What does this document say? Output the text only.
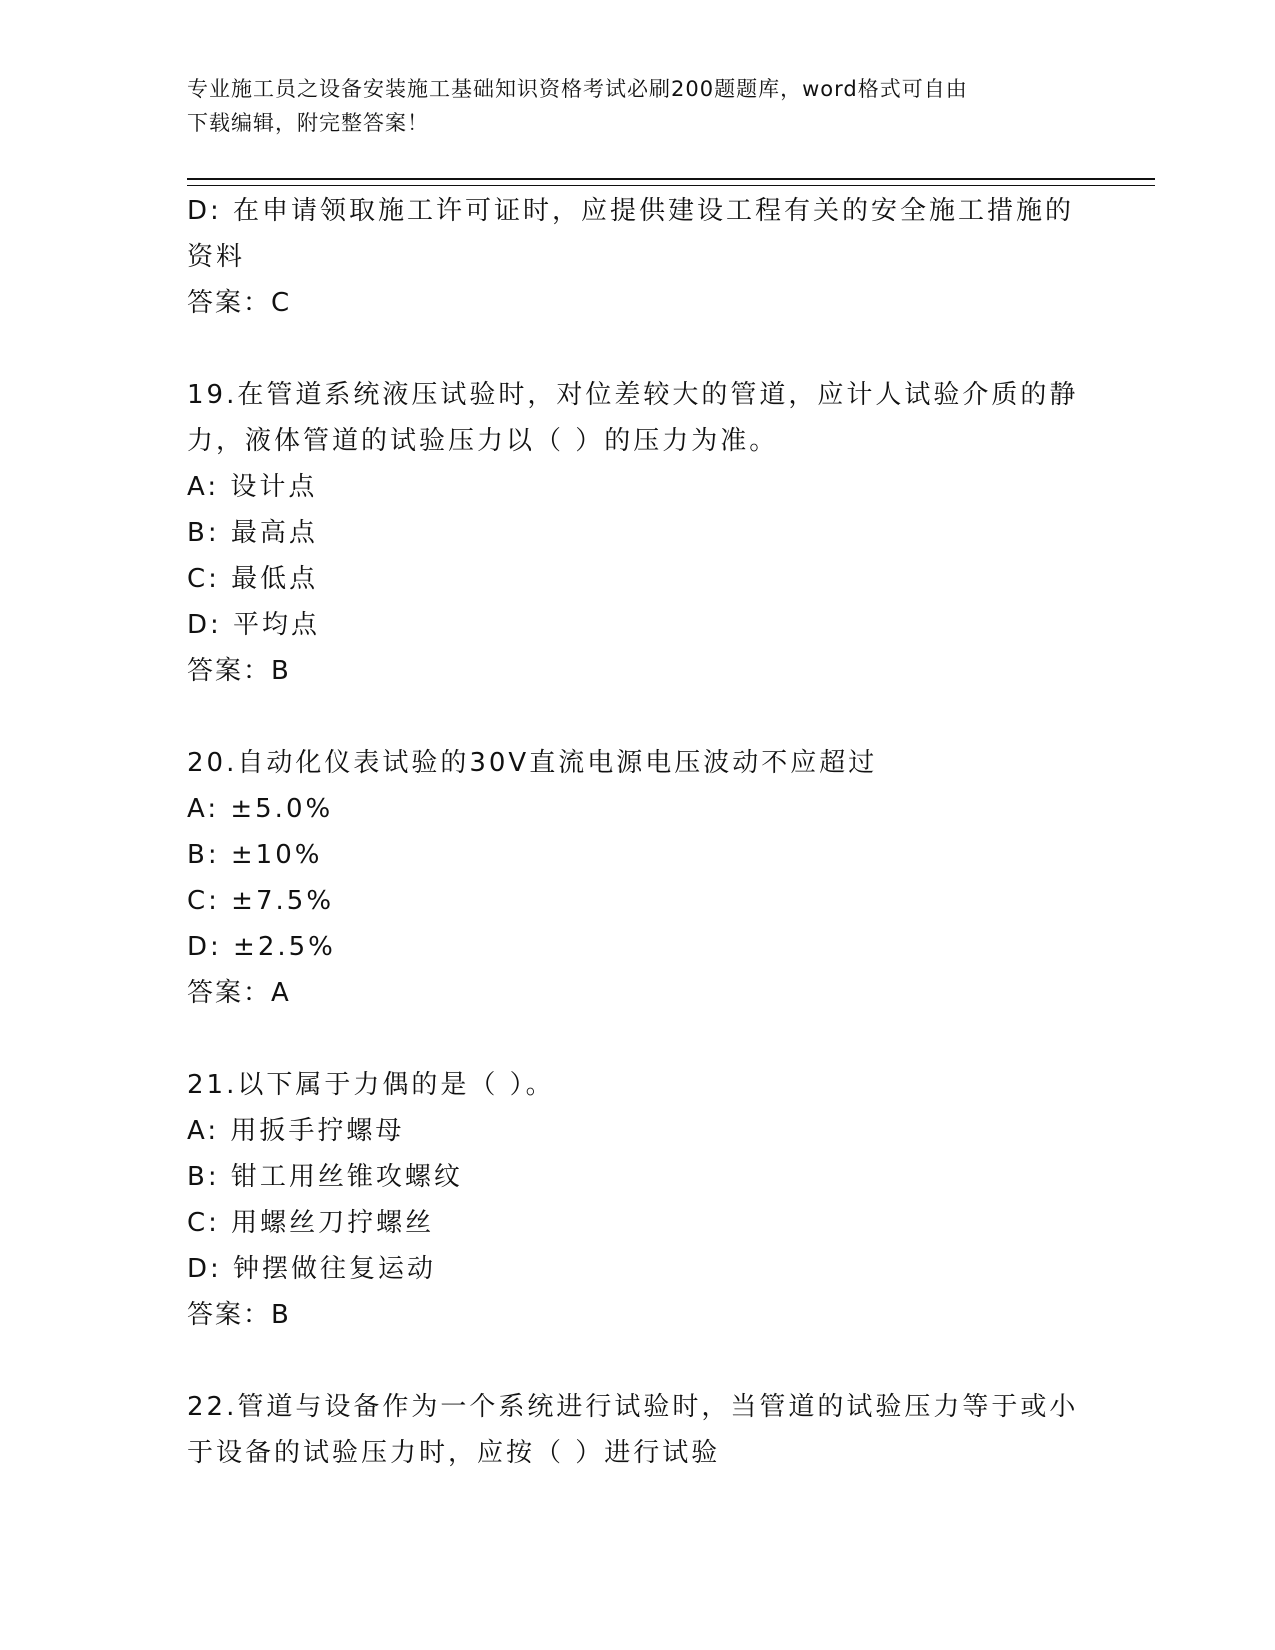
专业施工员之设备安装施工基础知识资格考试必刷200题题库，word格式可自由
下载编辑，附完整答案！

D: 在申请领取施工许可证时，应提供建设工程有关的安全施工措施的

资料

答案：C

19.在管道系统液压试验时，对位差较大的管道，应计人试验介质的静

力，液体管道的试验压力以（ ）的压力为准。

A: 设计点

B: 最高点

C: 最低点

D: 平均点

答案：B

20.自动化仪表试验的30V直流电源电压波动不应超过

A: ±5.0%

B: ±10%

C: ±7.5%

D: ±2.5%

答案：A

21.以下属于力偶的是（ ）。

A: 用扳手拧螺母

B: 钳工用丝锥攻螺纹

C: 用螺丝刀拧螺丝

D: 钟摆做往复运动

答案：B

22.管道与设备作为一个系统进行试验时，当管道的试验压力等于或小

于设备的试验压力时，应按（ ）进行试验
